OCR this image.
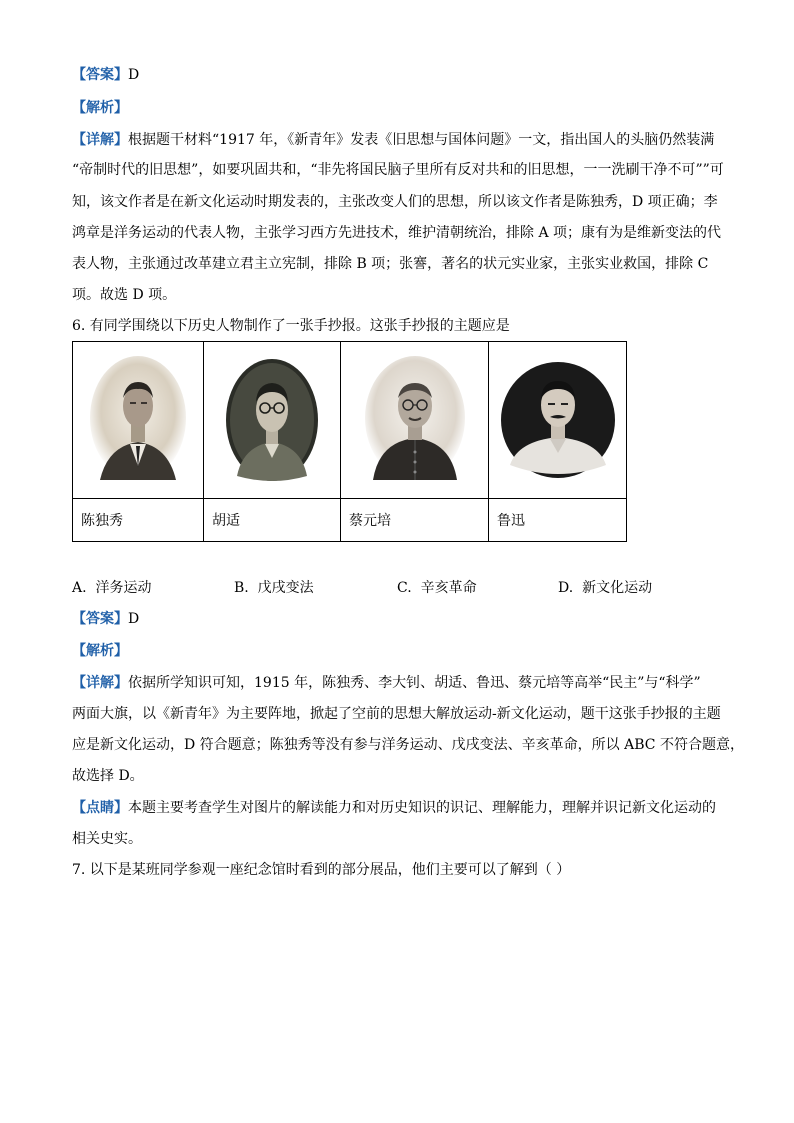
【答案】D
【解析】
【详解】根据题干材料“1917 年，《新青年》发表《旧思想与国体问题》一文，指出国人的头脑仍然装满
“帝制时代的旧思想”，如要巩固共和，“非先将国民脑子里所有反对共和的旧思想，一一洗刷干净不可””可
知，该文作者是在新文化运动时期发表的，主张改变人们的思想，所以该文作者是陈独秀，D 项正确；李
鸿章是洋务运动的代表人物，主张学习西方先进技术，维护清朝统治，排除 A 项；康有为是维新变法的代
表人物，主张通过改革建立君主立宪制，排除 B 项；张謇，著名的状元实业家，主张实业救国，排除 C
项。故选 D 项。
6. 有同学围绕以下历史人物制作了一张手抄报。这张手抄报的主题应是

陈独秀	胡适	蔡元培	鲁迅
A. 洋务运动	B. 戊戌变法	C. 辛亥革命	D. 新文化运动
【答案】D
【解析】
【详解】依据所学知识可知，1915 年，陈独秀、李大钊、胡适、鲁迅、蔡元培等高举“民主”与“科学”
两面大旗，以《新青年》为主要阵地，掀起了空前的思想大解放运动-新文化运动，题干这张手抄报的主题
应是新文化运动，D 符合题意；陈独秀等没有参与洋务运动、戊戌变法、辛亥革命，所以 ABC 不符合题意，
故选择 D。
【点睛】本题主要考查学生对图片的解读能力和对历史知识的识记、理解能力，理解并识记新文化运动的
相关史实。
7. 以下是某班同学参观一座纪念馆时看到的部分展品，他们主要可以了解到（ ）
